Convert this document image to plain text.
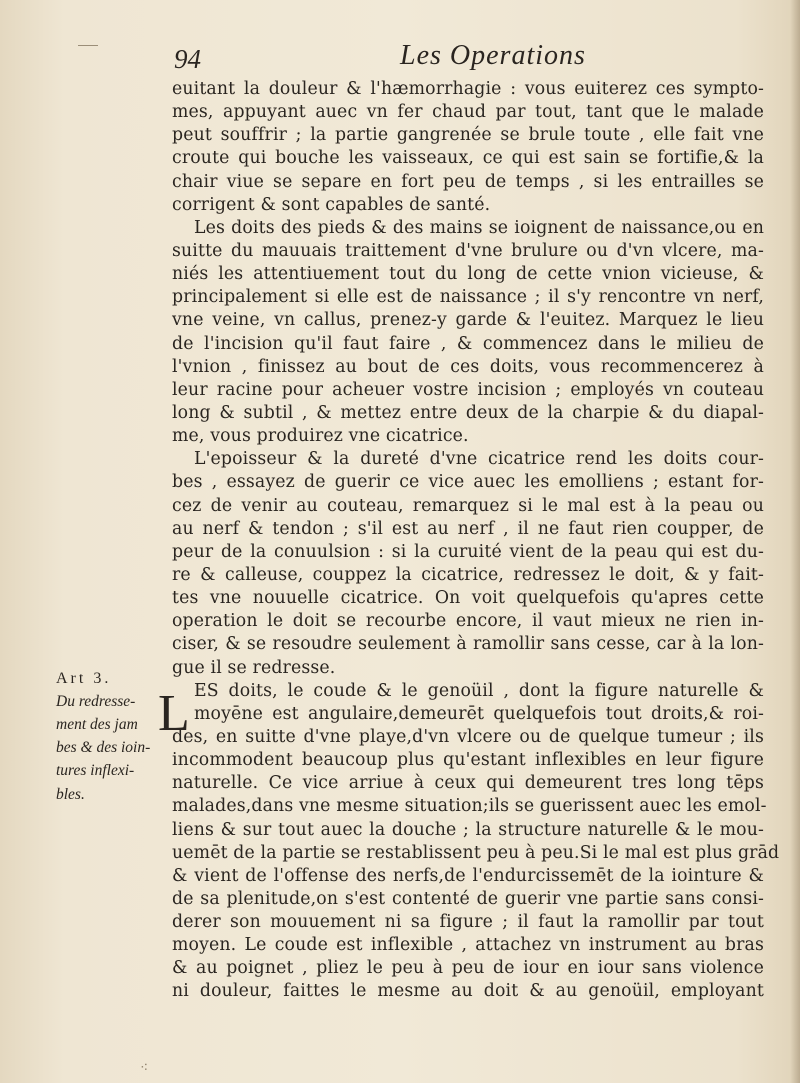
94	Les Operations
Art 3.
Du redresse-
ment des jam
bes & des ioin-
tures inflexi-
bles.
L
euitant la douleur & l'hæmorrhagie : vous euiterez ces sympto-
mes, appuyant auec vn fer chaud par tout, tant que le malade
peut souffrir ; la partie gangrenée se brule toute , elle fait vne
croute qui bouche les vaisseaux, ce qui est sain se fortifie,& la
chair viue se separe en fort peu de temps , si les entrailles se
corrigent & sont capables de santé.
Les doits des pieds & des mains se ioignent de naissance,ou en
suitte du mauuais traittement d'vne brulure ou d'vn vlcere, ma-
niés les attentiuement tout du long de cette vnion vicieuse, &
principalement si elle est de naissance ; il s'y rencontre vn nerf,
vne veine, vn callus, prenez-y garde & l'euitez. Marquez le lieu
de l'incision qu'il faut faire , & commencez dans le milieu de
l'vnion , finissez au bout de ces doits, vous recommencerez à
leur racine pour acheuer vostre incision ; employés vn couteau
long & subtil , & mettez entre deux de la charpie & du diapal-
me, vous produirez vne cicatrice.
L'epoisseur & la dureté d'vne cicatrice rend les doits cour-
bes , essayez de guerir ce vice auec les emolliens ; estant for-
cez de venir au couteau, remarquez si le mal est à la peau ou
au nerf & tendon ; s'il est au nerf , il ne faut rien coupper, de
peur de la conuulsion : si la curuité vient de la peau qui est du-
re & calleuse, couppez la cicatrice, redressez le doit, & y fait-
tes vne nouuelle cicatrice. On voit quelquefois qu'apres cette
operation le doit se recourbe encore, il vaut mieux ne rien in-
ciser, & se resoudre seulement à ramollir sans cesse, car à la lon-
gue il se redresse.
ES doits, le coude & le genoüil , dont la figure naturelle &
moyēne est angulaire,demeurēt quelquefois tout droits,& roi-
des, en suitte d'vne playe,d'vn vlcere ou de quelque tumeur ; ils
incommodent beaucoup plus qu'estant inflexibles en leur figure
naturelle. Ce vice arriue à ceux qui demeurent tres long tēps
malades,dans vne mesme situation;ils se guerissent auec les emol-
liens & sur tout auec la douche ; la structure naturelle & le mou-
uemēt de la partie se restablissent peu à peu.Si le mal est plus grād
& vient de l'offense des nerfs,de l'endurcissemēt de la iointure &
de sa plenitude,on s'est contenté de guerir vne partie sans consi-
derer son mouuement ni sa figure ; il faut la ramollir par tout
moyen. Le coude est inflexible , attachez vn instrument au bras
& au poignet , pliez le peu à peu de iour en iour sans violence
ni douleur, faittes le mesme au doit & au genoüil, employant
⁖
